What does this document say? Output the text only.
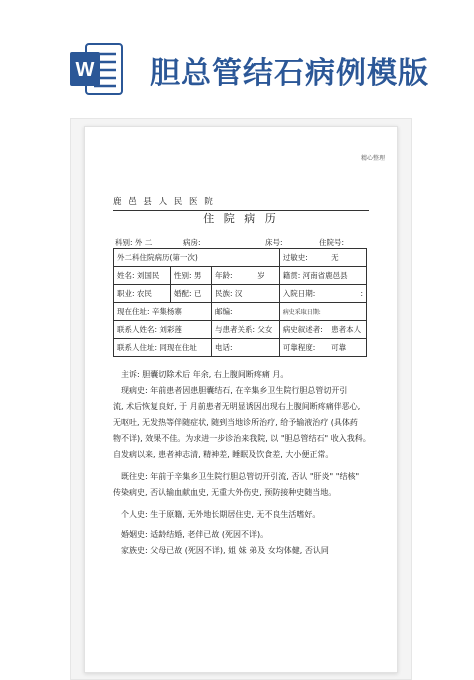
W 胆总管结石病例模版
精心整理
鹿 邑 县 人 民 医 院
住 院 病 历
科别: 外 二	病房:	床号:	住院号:
外二科住院病历(第一次)				过敏史:	无
姓名: 刘国民	性别: 男	年龄:	岁	籍贯: 河南省鹿邑县	
职业: 农民	婚配: 已	民族: 汉		入院日期:	:
现在住址: 辛集杨寨		邮编:		病史采取日期:	
联系人姓名: 刘彩莲		与患者关系: 父女		病史叙述者:	患者本人
联系人住址: 同现在住址		电话:		可靠程度:	可靠
主诉: 胆囊切除术后 年余, 右上腹间断疼痛 月。
现病史: 年前患者因患胆囊结石, 在辛集乡卫生院行胆总管切开引
流, 术后恢复良好, 于 月前患者无明显诱因出现右上腹间断疼痛伴恶心,
无呕吐, 无发热等伴随症状, 随到当地诊所治疗, 给予输液治疗 (具体药
物不详), 效果不佳。为求进一步诊治来我院, 以 "胆总管结石" 收入我科。
自发病以来, 患者神志清, 精神差, 睡眠及饮食差, 大小便正常。
既往史: 年前于辛集乡卫生院行胆总管切开引流, 否认 "肝炎" "结核"
传染病史, 否认输血献血史, 无重大外伤史, 预防接种史随当地。
个人史: 生于原籍, 无外地长期居住史, 无不良生活嗜好。
婚姻史: 适龄结婚, 老伴已故 (死因不详)。
家族史: 父母已故 (死因不详), 姐 妹 弟及 女均体健, 否认同
